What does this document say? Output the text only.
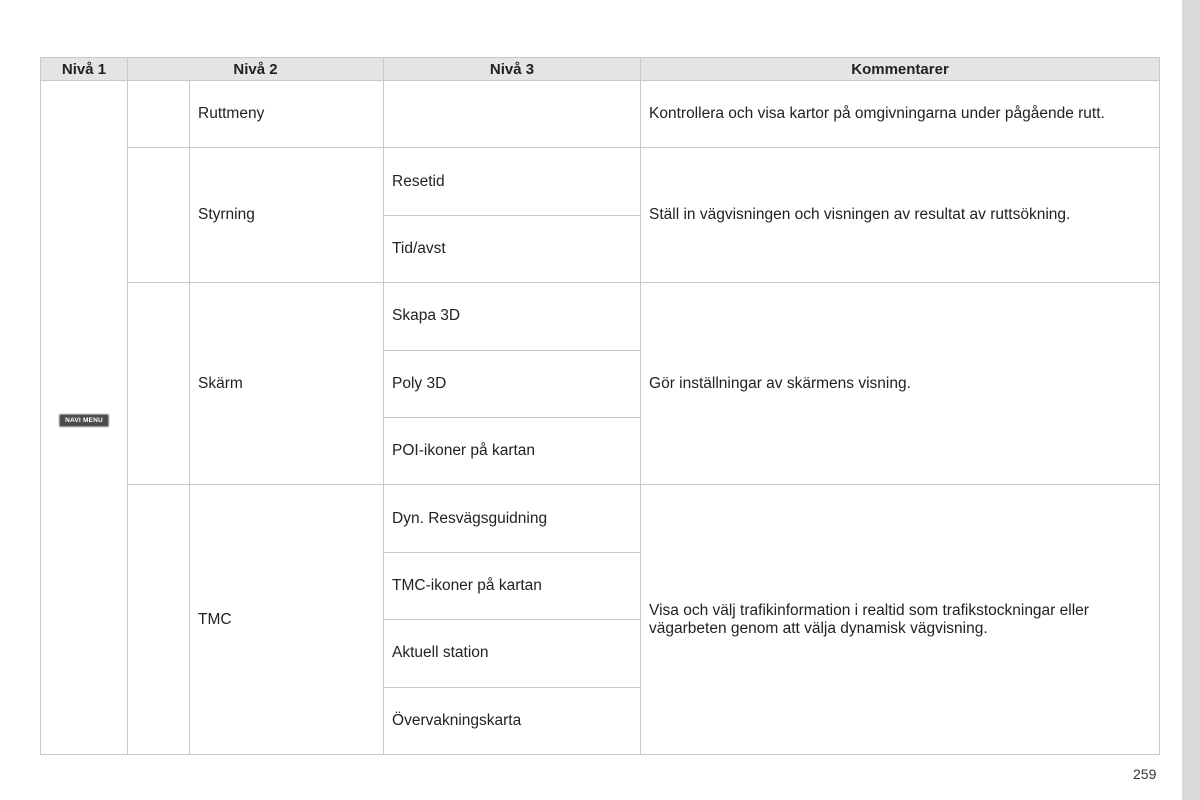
Nivå 1	Nivå 2		Nivå 3	Kommentarer
NAVI MENU		Ruttmeny		Kontrollera och visa kartor på omgivningarna under pågående rutt.
		Styrning	Resetid	Ställ in vägvisningen och visningen av resultat av ruttsökning.
			Tid/avst	
		Skärm	Skapa 3D	Gör inställningar av skärmens visning.
			Poly 3D	
			POI-ikoner på kartan	
		TMC	Dyn. Resvägsguidning	Visa och välj trafikinformation i realtid som trafikstockningar eller vägarbeten genom att välja dynamisk vägvisning.
			TMC-ikoner på kartan	
			Aktuell station	
			Övervakningskarta	
259
